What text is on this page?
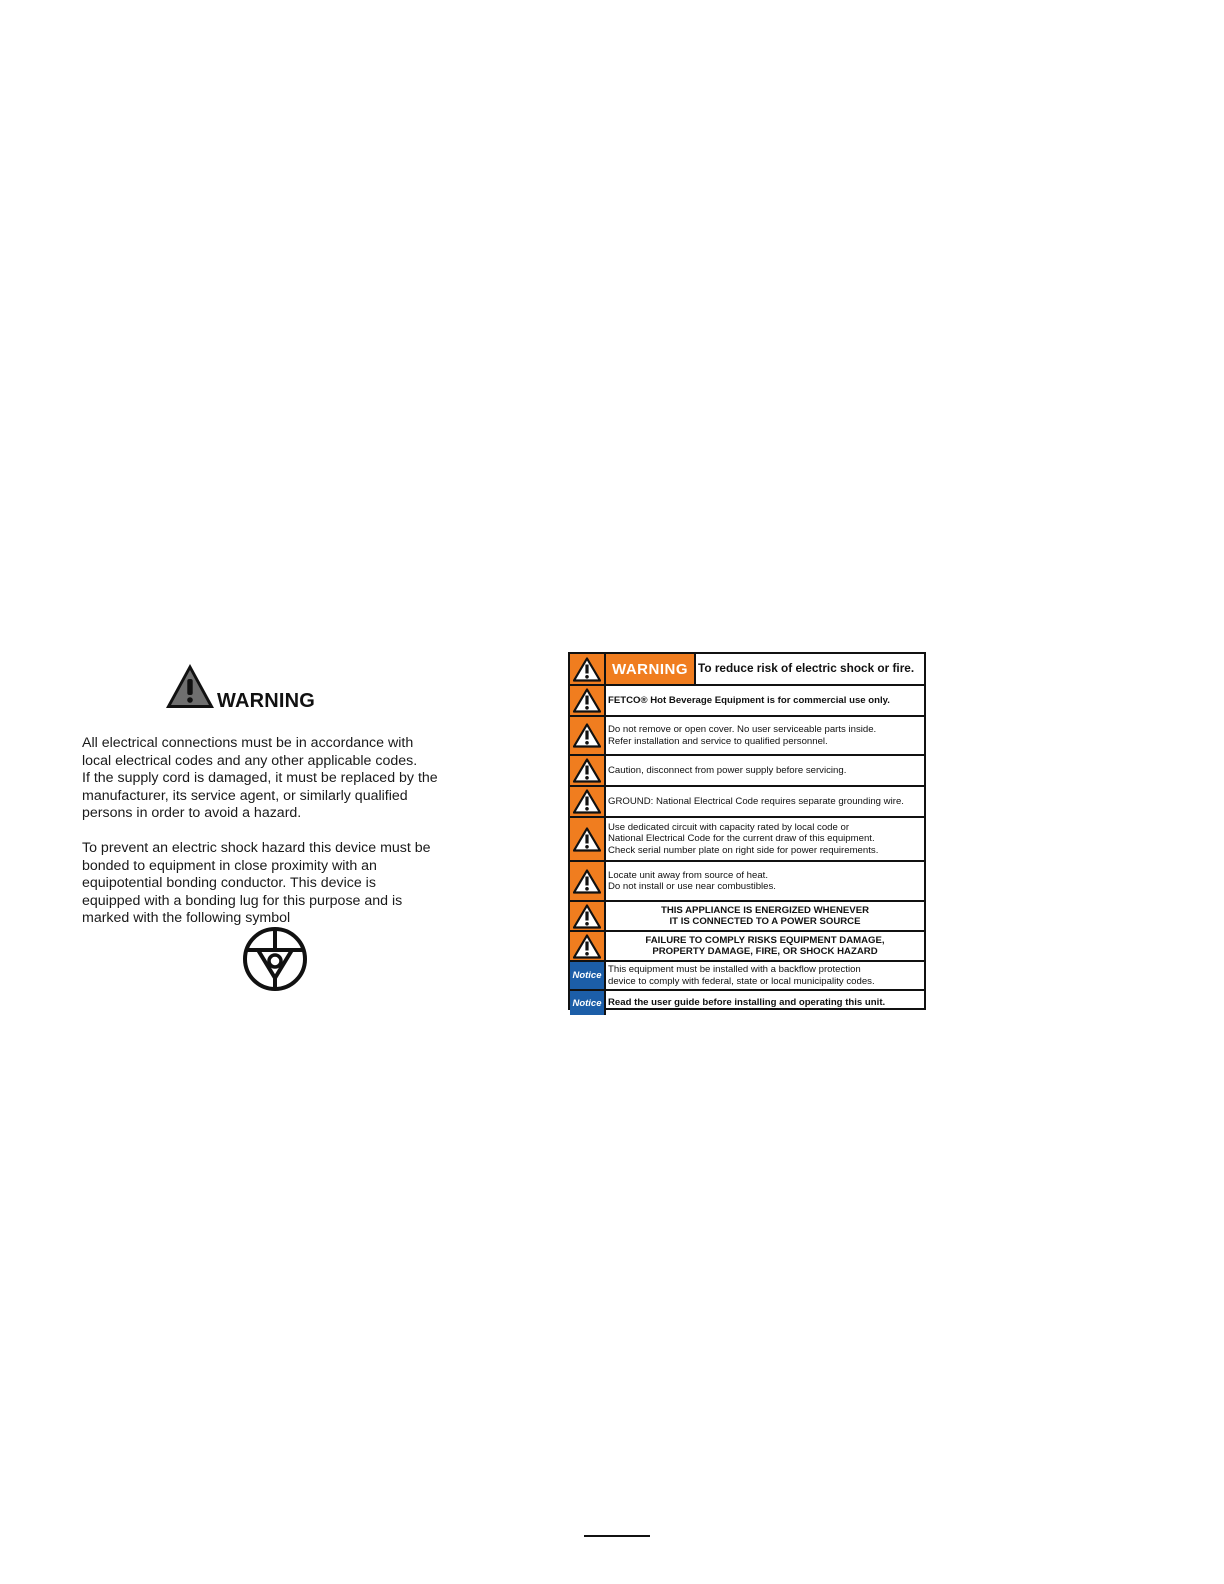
WARNING
All electrical connections must be in accordance with
local electrical codes and any other applicable codes.
If the supply cord is damaged, it must be replaced by the
manufacturer, its service agent, or similarly qualified
persons in order to avoid a hazard.
To prevent an electric shock hazard this device must be
bonded to equipment in close proximity with an
equipotential bonding conductor. This device is
equipped with a bonding lug for this purpose and is
marked with the following symbol
WARNING To reduce risk of electric shock or fire.
FETCO® Hot Beverage Equipment is for commercial use only.
Do not remove or open cover. No user serviceable parts inside.
Refer installation and service to qualified personnel.
Caution, disconnect from power supply before servicing.
GROUND: National Electrical Code requires separate grounding wire.
Use dedicated circuit with capacity rated by local code or
National Electrical Code for the current draw of this equipment.
Check serial number plate on right side for power requirements.
Locate unit away from source of heat.
Do not install or use near combustibles.
THIS APPLIANCE IS ENERGIZED WHENEVER
IT IS CONNECTED TO A POWER SOURCE
FAILURE TO COMPLY RISKS EQUIPMENT DAMAGE,
PROPERTY DAMAGE, FIRE, OR SHOCK HAZARD
Notice
This equipment must be installed with a backflow protection
device to comply with federal, state or local municipality codes.
Notice Read the user guide before installing and operating this unit.
